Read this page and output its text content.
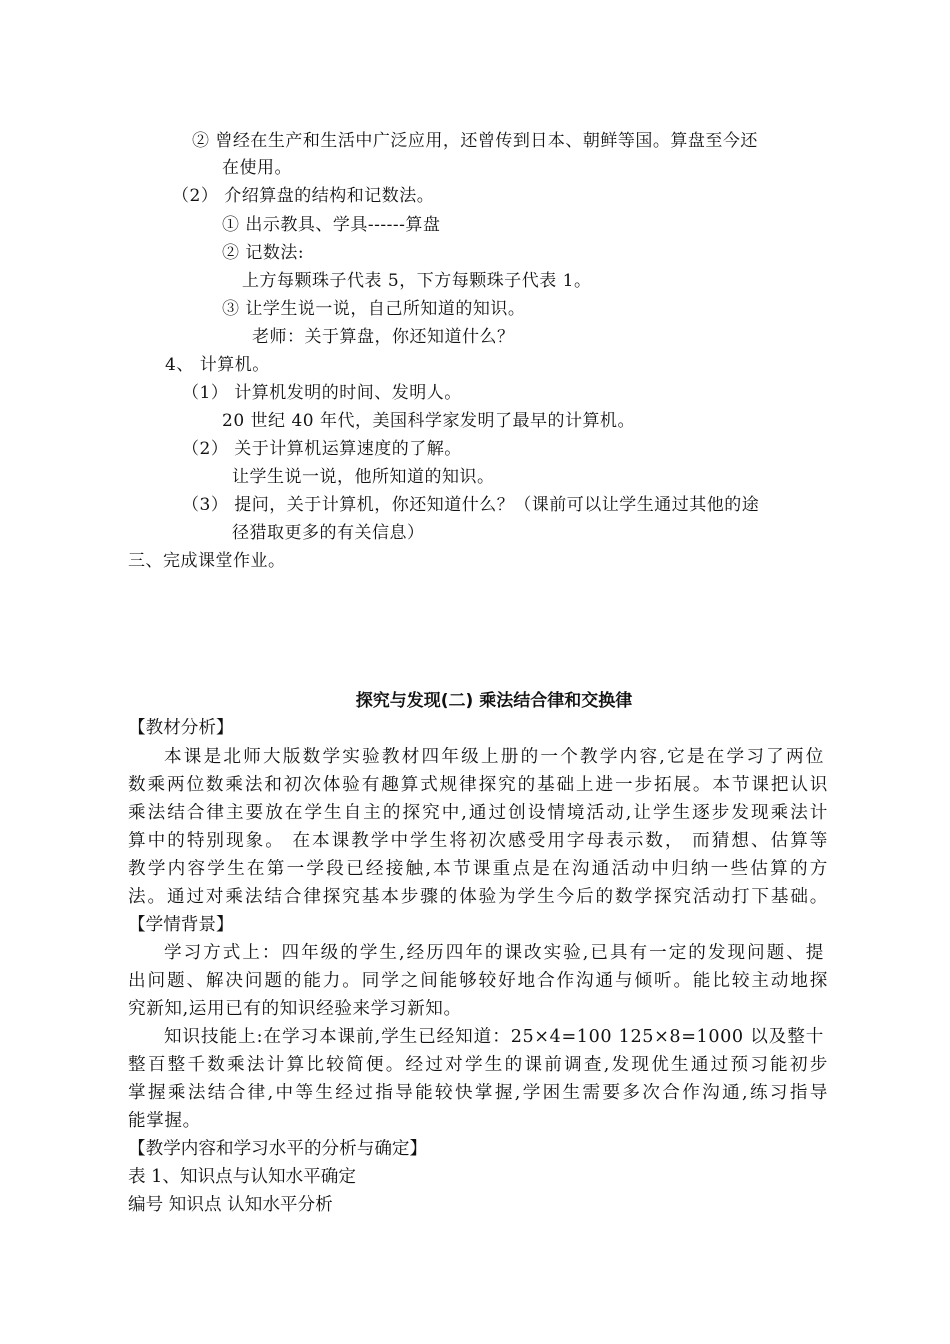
② 曾经在生产和生活中广泛应用，还曾传到日本、朝鲜等国。算盘至今还
在使用。
（2） 介绍算盘的结构和记数法。
① 出示教具、学具------算盘
② 记数法:
上方每颗珠子代表 5，下方每颗珠子代表 1。
③ 让学生说一说，自己所知道的知识。
老师：关于算盘，你还知道什么？
4、 计算机。
（1） 计算机发明的时间、发明人。
20 世纪 40 年代，美国科学家发明了最早的计算机。
（2） 关于计算机运算速度的了解。
让学生说一说，他所知道的知识。
（3） 提问，关于计算机，你还知道什么？（课前可以让学生通过其他的途
径猎取更多的有关信息）
三、完成课堂作业。
探究与发现(二) 乘法结合律和交换律
【教材分析】
本课是北师大版数学实验教材四年级上册的一个教学内容,它是在学习了两位
数乘两位数乘法和初次体验有趣算式规律探究的基础上进一步拓展。本节课把认识
乘法结合律主要放在学生自主的探究中,通过创设情境活动,让学生逐步发现乘法计
算中的特别现象。 在本课教学中学生将初次感受用字母表示数， 而猜想、估算等
教学内容学生在第一学段已经接触,本节课重点是在沟通活动中归纳一些估算的方
法。通过对乘法结合律探究基本步骤的体验为学生今后的数学探究活动打下基础。
【学情背景】
学习方式上：四年级的学生,经历四年的课改实验,已具有一定的发现问题、提
出问题、解决问题的能力。同学之间能够较好地合作沟通与倾听。能比较主动地探
究新知,运用已有的知识经验来学习新知。
知识技能上:在学习本课前,学生已经知道：25×4=100 125×8=1000 以及整十
整百整千数乘法计算比较简便。经过对学生的课前调查,发现优生通过预习能初步
掌握乘法结合律,中等生经过指导能较快掌握,学困生需要多次合作沟通,练习指导
能掌握。
【教学内容和学习水平的分析与确定】
表 1、知识点与认知水平确定
编号 知识点 认知水平分析
